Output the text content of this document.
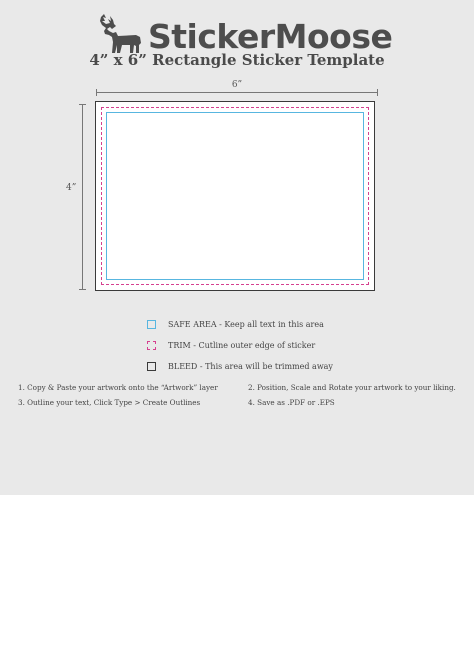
StickerMoose
4” x 6” Rectangle Sticker Template
6”
4”
SAFE AREA - Keep all text in this area
TRIM - Cutline outer edge of sticker
BLEED - This area will be trimmed away
1. Copy & Paste your artwork onto the “Artwork” layer	2. Position, Scale and Rotate your artwork to your liking.
3. Outline your text, Click Type > Create Outlines	4. Save as .PDF or .EPS
